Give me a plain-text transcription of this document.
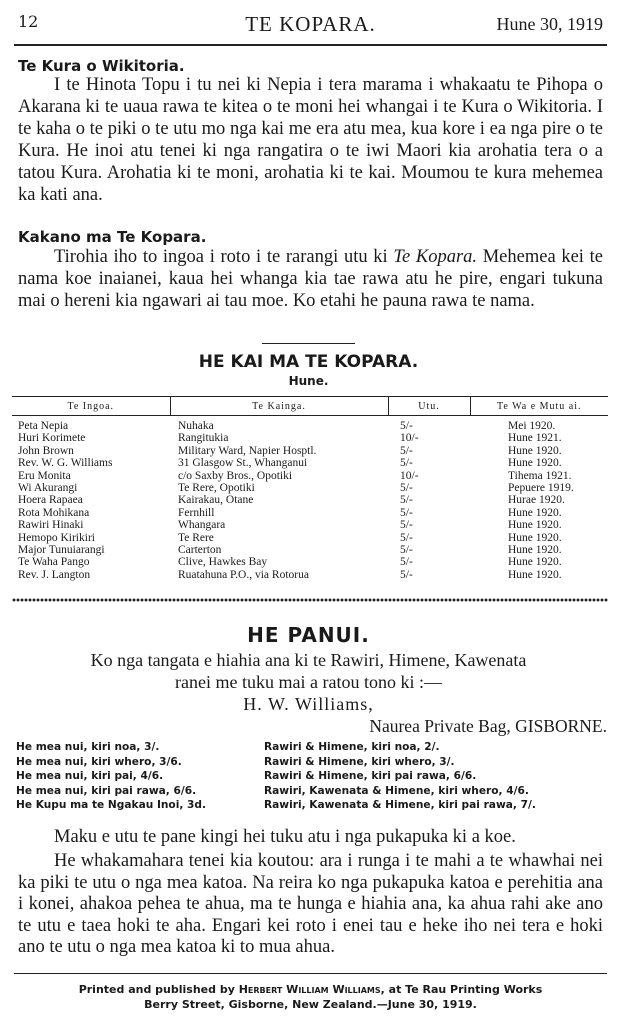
12	TE KOPARA.	Hune 30, 1919
Te Kura o Wikitoria.

I te Hinota Topu i tu nei ki Nepia i tera marama i whakaatu te Pihopa o Akarana ki te uaua rawa te kitea o te moni hei whangai i te Kura o Wikitoria. I te kaha o te piki o te utu mo nga kai me era atu mea, kua kore i ea nga pire o te Kura. He inoi atu tenei ki nga rangatira o te iwi Maori kia arohatia tera o a tatou Kura. Arohatia ki te moni, arohatia ki te kai. Moumou te kura mehemea ka kati ana.

Kakano ma Te Kopara.

Tirohia iho to ingoa i roto i te rarangi utu ki Te Kopara. Mehemea kei te nama koe inaianei, kaua hei whanga kia tae rawa atu he pire, engari tukuna mai o hereni kia ngawari ai tau moe. Ko etahi he pauna rawa te nama.

HE KAI MA TE KOPARA.
Hune.
Te Ingoa.	Te Kainga.	Utu.	Te Wa e Mutu ai.
Peta Nepia	Nuhaka	5/-	Mei 1920.
Huri Korimete	Rangitukia	10/-	Hune 1921.
John Brown	Military Ward, Napier Hosptl.	5/-	Hune 1920.
Rev. W. G. Williams	31 Glasgow St., Whanganui	5/-	Hune 1920.
Eru Monita	c/o Saxby Bros., Opotiki	10/-	Tihema 1921.
Wi Akurangi	Te Rere, Opotiki	5/-	Pepuere 1919.
Hoera Rapaea	Kairakau, Otane	5/-	Hurae 1920.
Rota Mohikana	Fernhill	5/-	Hune 1920.
Rawiri Hinaki	Whangara	5/-	Hune 1920.
Hemopo Kirikiri	Te Rere	5/-	Hune 1920.
Major Tunuiarangi	Carterton	5/-	Hune 1920.
Te Waha Pango	Clive, Hawkes Bay	5/-	Hune 1920.
Rev. J. Langton	Ruatahuna P.O., via Rotorua	5/-	Hune 1920.
HE PANUI.
Ko nga tangata e hiahia ana ki te Rawiri, Himene, Kawenata
ranei me tuku mai a ratou tono ki :—
H. W. Williams,
Naurea Private Bag, GISBORNE.
He mea nui, kiri noa, 3/.
He mea nui, kiri whero, 3/6.
He mea nui, kiri pai, 4/6.
He mea nui, kiri pai rawa, 6/6.
He Kupu ma te Ngakau Inoi, 3d.
Rawiri & Himene, kiri noa, 2/.
Rawiri & Himene, kiri whero, 3/.
Rawiri & Himene, kiri pai rawa, 6/6.
Rawiri, Kawenata & Himene, kiri whero, 4/6.
Rawiri, Kawenata & Himene, kiri pai rawa, 7/.

Maku e utu te pane kingi hei tuku atu i nga pukapuka ki a koe.

He whakamahara tenei kia koutou: ara i runga i te mahi a te whawhai nei ka piki te utu o nga mea katoa. Na reira ko nga pukapuka katoa e perehitia ana i konei, ahakoa pehea te ahua, ma te hunga e hiahia ana, ka ahua rahi ake ano te utu e taea hoki te aha. Engari kei roto i enei tau e heke iho nei tera e hoki ano te utu o nga mea katoa ki to mua ahua.

Printed and published by Herbert William Williams, at Te Rau Printing Works
Berry Street, Gisborne, New Zealand.—June 30, 1919.
